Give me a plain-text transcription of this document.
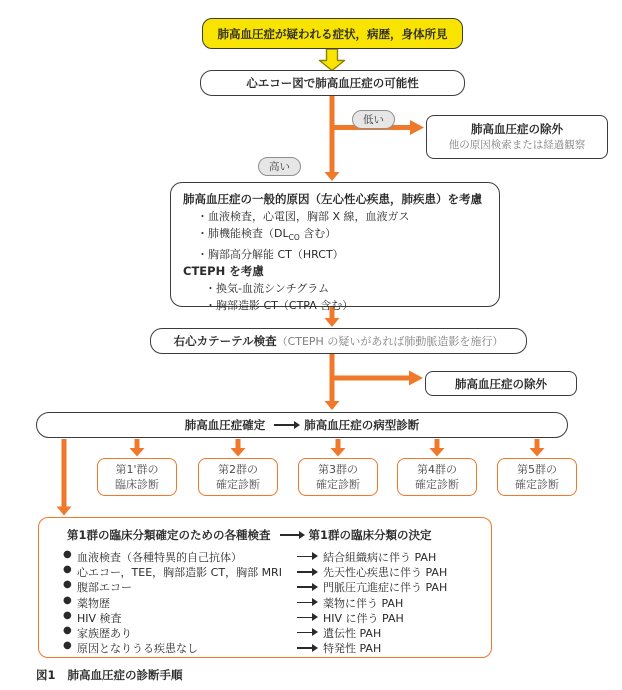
肺高血圧症が疑われる症状，病歴，身体所見
心エコー図で肺高血圧症の可能性
低い
高い
肺高血圧症の除外
他の原因検索または経過観察
肺高血圧症の一般的原因（左心性心疾患，肺疾患）を考慮
・血液検査，心電図，胸部 X 線，血液ガス
・肺機能検査（$DL_{CO}$ 含む）
・胸部高分解能 CT（HRCT）
CTEPH を考慮
・換気-血流シンチグラム
・胸部造影 CT（CTPA 含む）
右心カテーテル検査 （CTEPH の疑いがあれば肺動脈造影を施行）
肺高血圧症の除外
肺高血圧症確定	肺高血圧症の病型診断
第1'群の
臨床診断
第2群の
確定診断
第3群の
確定診断
第4群の
確定診断
第5群の
確定診断
第1群の臨床分類確定のための各種検査	第1群の臨床分類の決定
● 血液検査（各種特異的自己抗体）	結合組織病に伴う PAH
● 心エコー，TEE，胸部造影 CT，胸部 MRI	先天性心疾患に伴う PAH
● 腹部エコー	門脈圧亢進症に伴う PAH
● 薬物歴	薬物に伴う PAH
● HIV 検査	HIV に伴う PAH
● 家族歴あり	遺伝性 PAH
● 原因となりうる疾患なし	特発性 PAH
図1 肺高血圧症の診断手順
